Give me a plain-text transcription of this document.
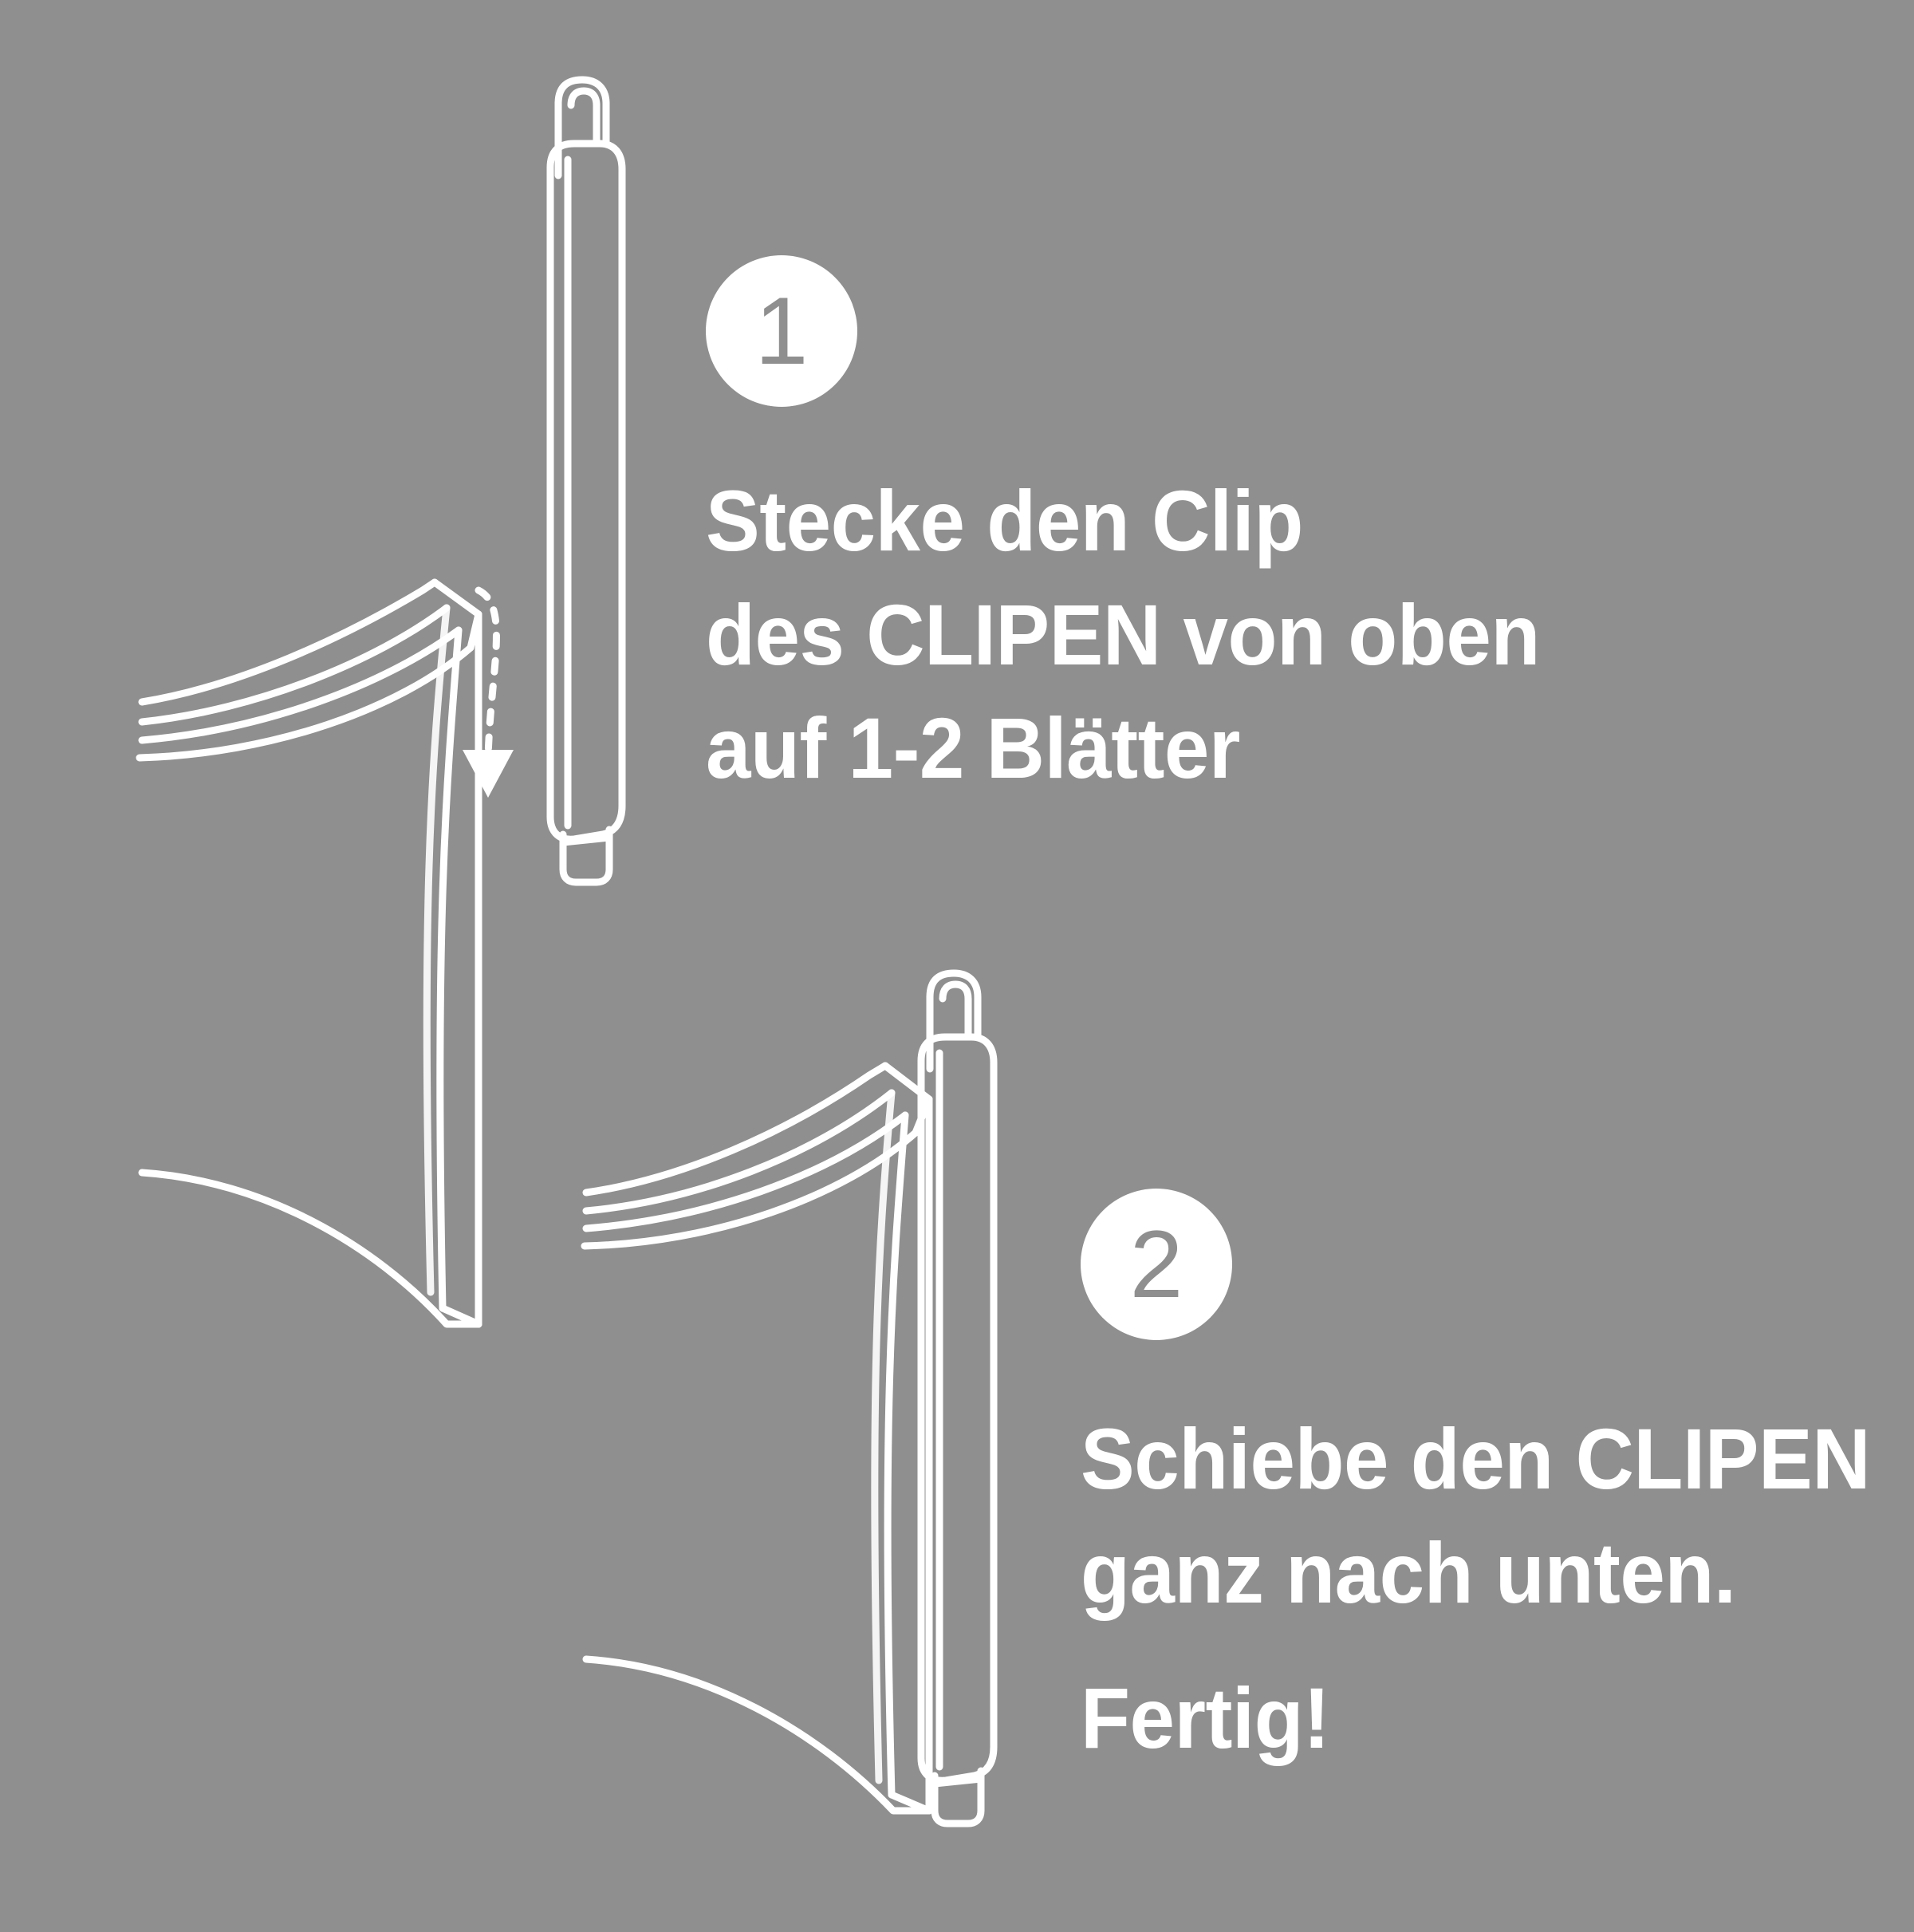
1
Stecke den Clip
des CLIPEN von oben
auf 1-2 Blätter
2
Schiebe den CLIPEN
ganz nach unten.
Fertig!
